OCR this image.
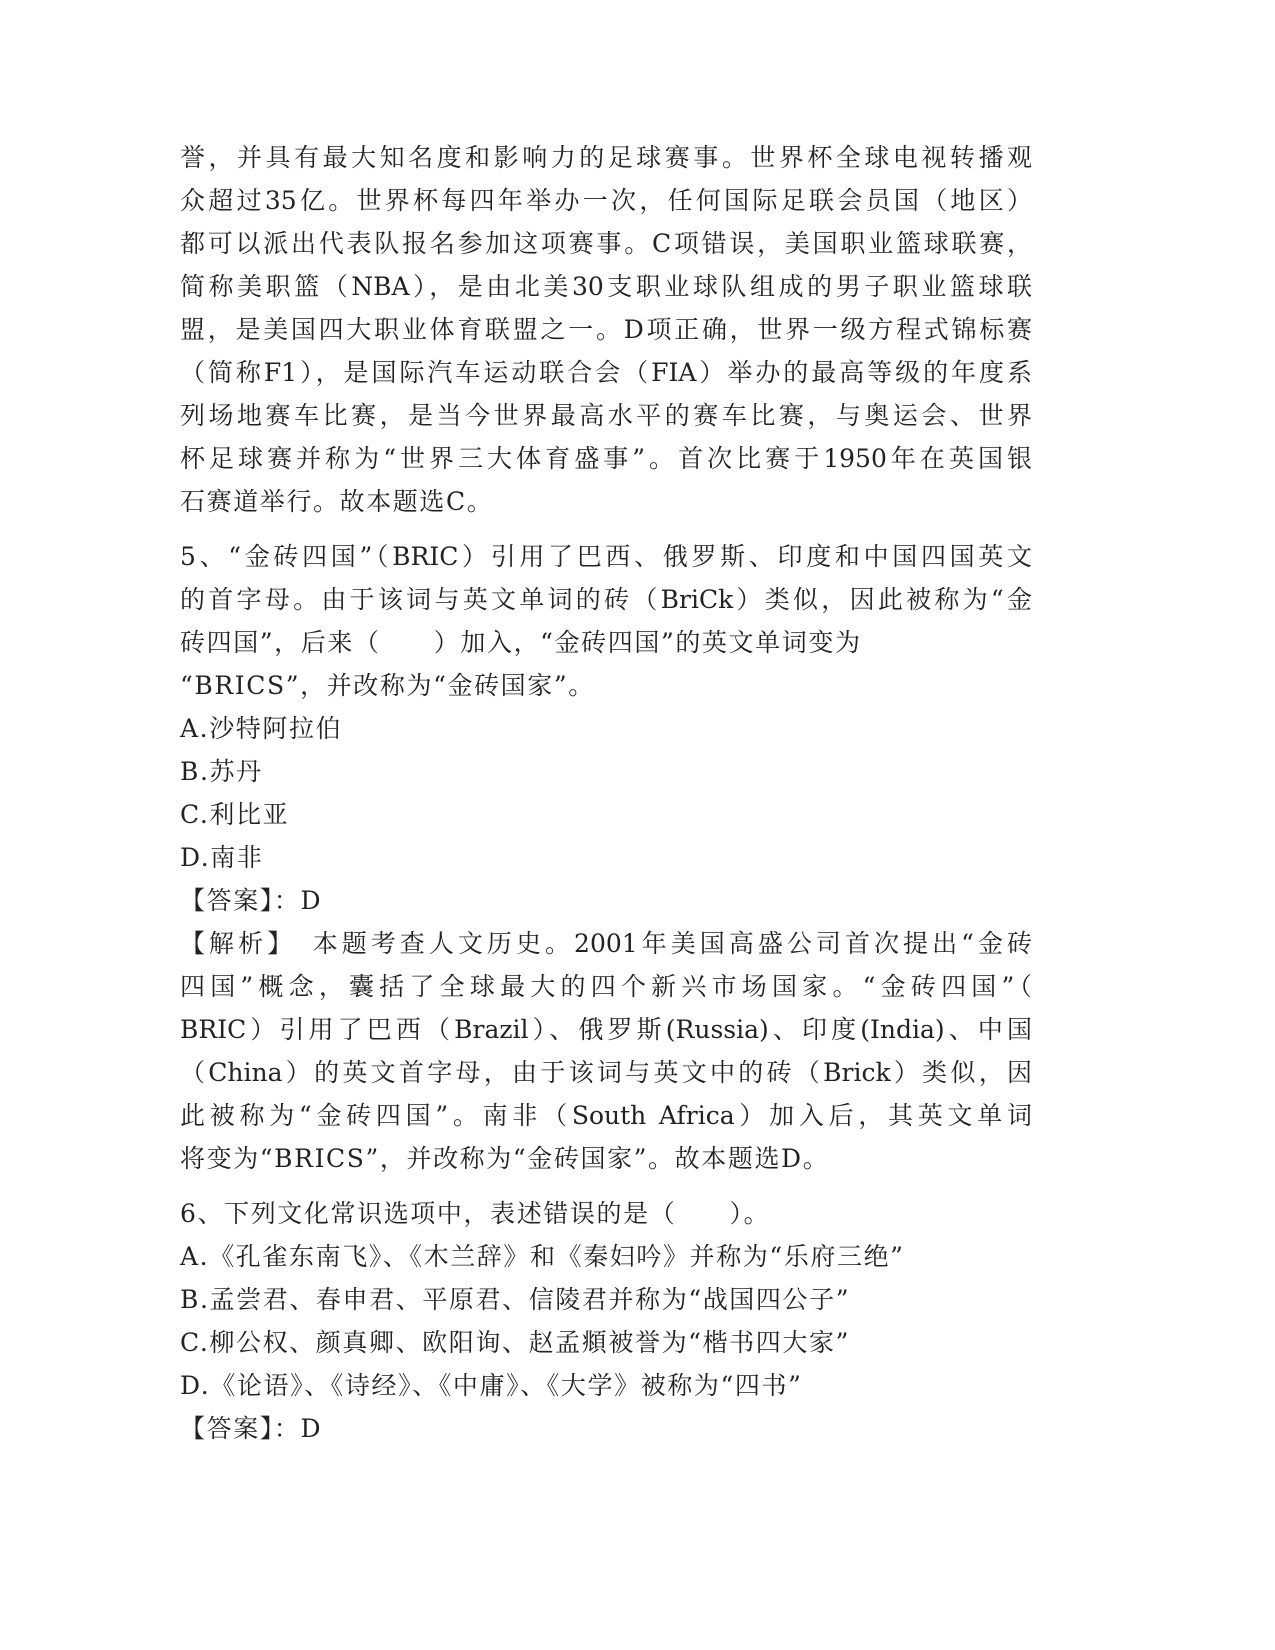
誉，并具有最大知名度和影响力的足球赛事。世界杯全球电视转播观
众超过35亿。世界杯每四年举办一次，任何国际足联会员国（地区）
都可以派出代表队报名参加这项赛事。C项错误，美国职业篮球联赛，
简称美职篮（NBA），是由北美30支职业球队组成的男子职业篮球联
盟，是美国四大职业体育联盟之一。D项正确，世界一级方程式锦标赛
（简称F1），是国际汽车运动联合会（FIA）举办的最高等级的年度系
列场地赛车比赛，是当今世界最高水平的赛车比赛，与奥运会、世界
杯足球赛并称为“世界三大体育盛事”。首次比赛于1950年在英国银
石赛道举行。故本题选C。
5、“金砖四国”（BRIC）引用了巴西、俄罗斯、印度和中国四国英文
的首字母。由于该词与英文单词的砖（BriCk）类似，因此被称为“金
砖四国”，后来（　　）加入，“金砖四国”的英文单词变为
“BRICS”，并改称为“金砖国家”。
A.沙特阿拉伯
B.苏丹
C.利比亚
D.南非
【答案】：D
【解析】　本题考查人文历史。2001年美国高盛公司首次提出“金砖
四国”概念，囊括了全球最大的四个新兴市场国家。“金砖四国”（
BRIC）引用了巴西（Brazil）、俄罗斯(Russia)、印度(India)、中国
（China）的英文首字母，由于该词与英文中的砖（Brick）类似，因
此被称为“金砖四国”。南非（South Africa）加入后，其英文单词
将变为“BRICS”，并改称为“金砖国家”。故本题选D。
6、下列文化常识选项中，表述错误的是（　　）。
A.《孔雀东南飞》、《木兰辞》和《秦妇吟》并称为“乐府三绝”
B.孟尝君、春申君、平原君、信陵君并称为“战国四公子”
C.柳公权、颜真卿、欧阳询、赵孟頫被誉为“楷书四大家”
D.《论语》、《诗经》、《中庸》、《大学》被称为“四书”
【答案】：D
